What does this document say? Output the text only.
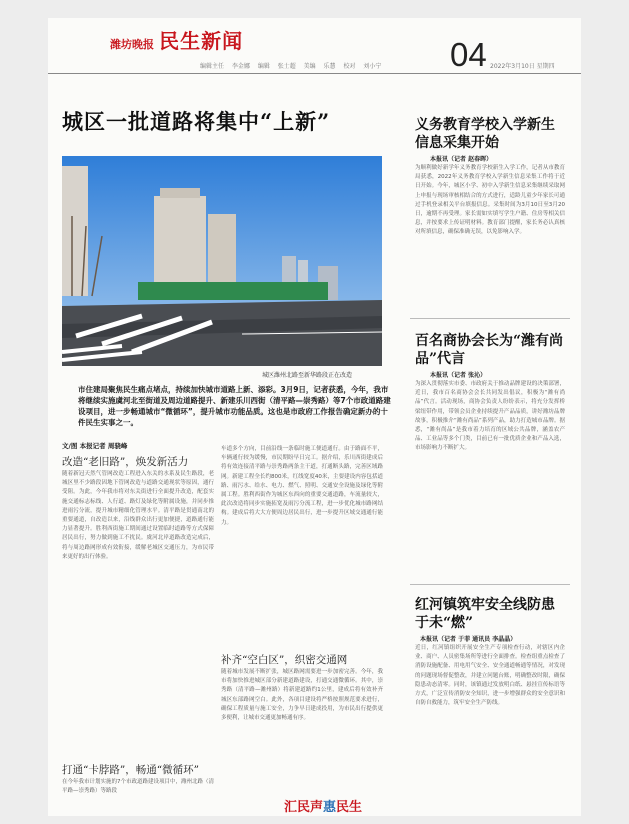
潍坊晚报 民生新闻
编辑主任 李金娜 编辑 张士超 美编 乐慧 校对 刘小宁 04 2022年3月10日 星期四
城区一批道路将集中“上新”
城区潍州北路至新华路段正在改造
市住建局聚焦民生痛点堵点，持续加快城市道路上新、添彩。3月9日，记者获悉，今年，我市将继续实施虞河北至街道及周边道路提升、新建乐川西街（清平路—崇秀路）等7个市政道路建设项目，进一步畅通城市“微循环”，提升城市功能品质。这也是市政府工作报告确定新办的十件民生实事之一。
文/图 本报记者 周骁峰
改造“老旧路”，焕发新活力
随着新冠天然气管网改造工程进入东关的水系及民生路段，老城区里不少路段因地下管网改造与道路交通现状等原因，通行受阻。为此，今年我市将对东关街进行全面提升改造，配套实施交通标志标线、人行道、路灯及绿化等附属设施，并同步推进雨污分流，提升城市精细化管理水平。清平路是贯通南北的重要通道，自改造以来，沿线群众出行更加便捷，道路通行能力显著提升。胜利西街施工期间通过设置临时道路等方式保障居民出行，努力做到施工不扰民。虞河北岸道路改造完成后，将与周边路网形成有效衔接，缓解老城区交通压力，为市民带来更好的出行体验。
打通“卡脖路”，畅通“微循环”
在今年我市计划实施的7个市政道路建设项目中，潍州北路（清平路—崇秀路）等路段
车道多个方向，目前沿线一条临时施工便道通行。由于路面不平，车辆通行较为缓慢，市民期盼早日完工。据介绍，乐川西街建成后将有效连接清平路与崇秀路两条主干道，打通断头路，完善区域路网。新建工程全长约800米，红线宽度40米，主要建设内容包括道路、雨污水、给水、电力、燃气、照明、交通安全设施及绿化等附属工程。胜利西街作为城区东西向的重要交通道路，车流量较大，此次改造将同步实施拓宽及雨污分流工程，进一步优化城市路网结构。建成后将大大方便周边居民出行，进一步提升区域交通通行能力。
补齐“空白区”，织密交通网
随着城市发展不断扩张，城区路网需要进一步加密完善。今年，我市将加快推进城区部分新建道路建设，打通交通微循环。其中，崇秀路（清平路—潍州路）将新建道路约1公里，建成后将有效补齐城区东部路网空白。此外，各项目建设将严格按照规范要求进行，确保工程质量与施工安全，力争早日建成投用，为市民出行提供更多便利，让城市交通更加畅通有序。
义务教育学校入学新生信息采集开始
本报讯（记者 赵春晖）
为顺利做好新学年义务教育学校新生入学工作，记者从市教育局获悉，2022年义务教育学校入学新生信息采集工作将于近日开始。今年，城区小学、初中入学新生信息采集继续采取网上申报与现场审核相结合的方式进行，适龄儿童少年家长可通过手机登录相关平台填报信息。采集时间为3月10日至3月20日，逾期不再受理。家长需如实填写学生户籍、住房等相关信息，并按要求上传证明材料。教育部门提醒，家长务必认真核对所填信息，确保准确无误，以免影响入学。
百名商协会长为“潍有尚品”代言
本报讯（记者 张沁）
为深入贯彻落实市委、市政府关于推动品牌建设的决策部署，近日，我市百名商协会会长共同发出倡议，积极为“潍有尚品”代言。活动现场，商协会负责人纷纷表示，将充分发挥桥梁纽带作用，带领会员企业持续提升产品品质，讲好潍坊品牌故事，积极推介“潍有尚品”系列产品，助力打造城市品牌。据悉，“潍有尚品”是我市着力培育的区域公共品牌，涵盖农产品、工业品等多个门类，目前已有一批优质企业和产品入选，市场影响力不断扩大。
红河镇筑牢安全线防患于未“燃”
本报讯（记者 于菲 通讯员 李晶晶）
近日，红河镇组织开展安全生产专项检查行动，对辖区内企业、商户、人员密集场所等进行全面排查。检查组重点检查了消防设施配备、用电用气安全、安全通道畅通等情况，对发现的问题现场督促整改，并建立问题台账，明确整改时限，确保隐患动态清零。同时，该镇通过发放明白纸、悬挂宣传标语等方式，广泛宣传消防安全知识，进一步增强群众的安全意识和自防自救能力，筑牢安全生产防线。
汇民声惠民生
